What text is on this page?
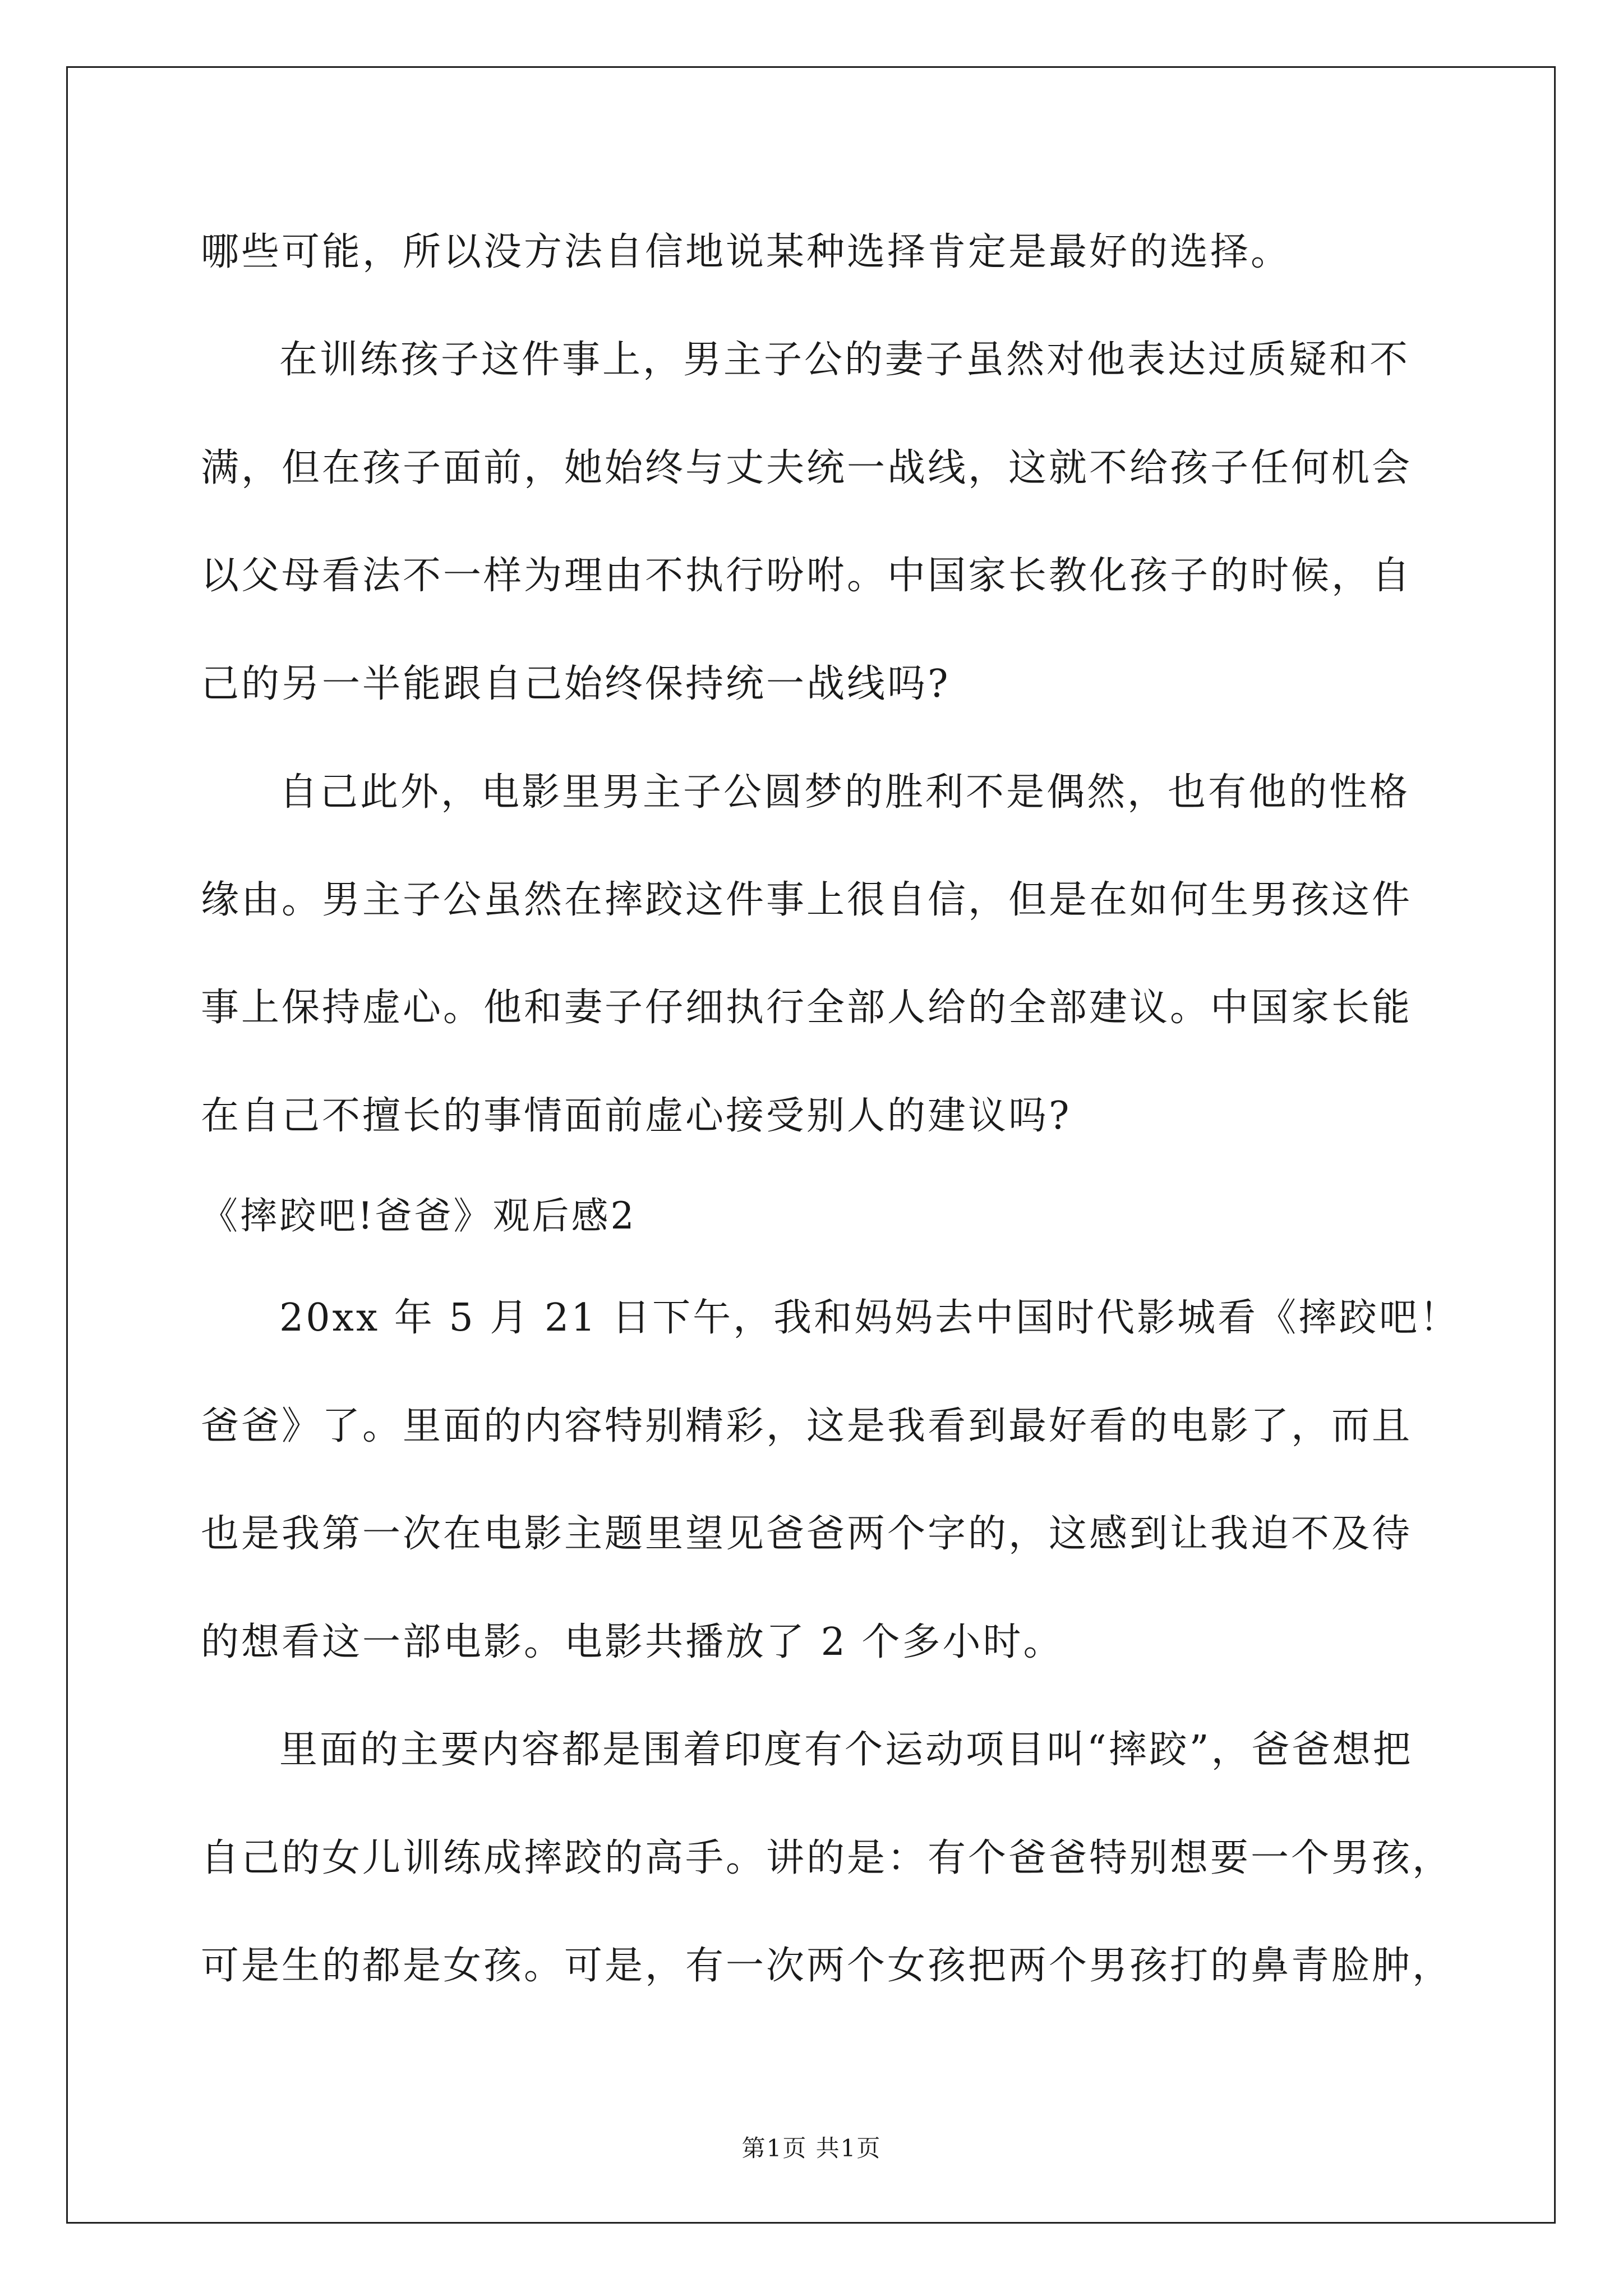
哪些可能，所以没方法自信地说某种选择肯定是最好的选择。
在训练孩子这件事上，男主子公的妻子虽然对他表达过质疑和不
满，但在孩子面前，她始终与丈夫统一战线，这就不给孩子任何机会
以父母看法不一样为理由不执行吩咐。中国家长教化孩子的时候，自
己的另一半能跟自己始终保持统一战线吗?
自己此外，电影里男主子公圆梦的胜利不是偶然，也有他的性格
缘由。男主子公虽然在摔跤这件事上很自信，但是在如何生男孩这件
事上保持虚心。他和妻子仔细执行全部人给的全部建议。中国家长能
在自己不擅长的事情面前虚心接受别人的建议吗?
《摔跤吧!爸爸》观后感2
20xx 年 5 月 21 日下午，我和妈妈去中国时代影城看《摔跤吧！
爸爸》了。里面的内容特别精彩，这是我看到最好看的电影了，而且
也是我第一次在电影主题里望见爸爸两个字的，这感到让我迫不及待
的想看这一部电影。电影共播放了 2 个多小时。
里面的主要内容都是围着印度有个运动项目叫“摔跤”，爸爸想把
自己的女儿训练成摔跤的高手。讲的是：有个爸爸特别想要一个男孩，
可是生的都是女孩。可是，有一次两个女孩把两个男孩打的鼻青脸肿，
第1页 共1页
